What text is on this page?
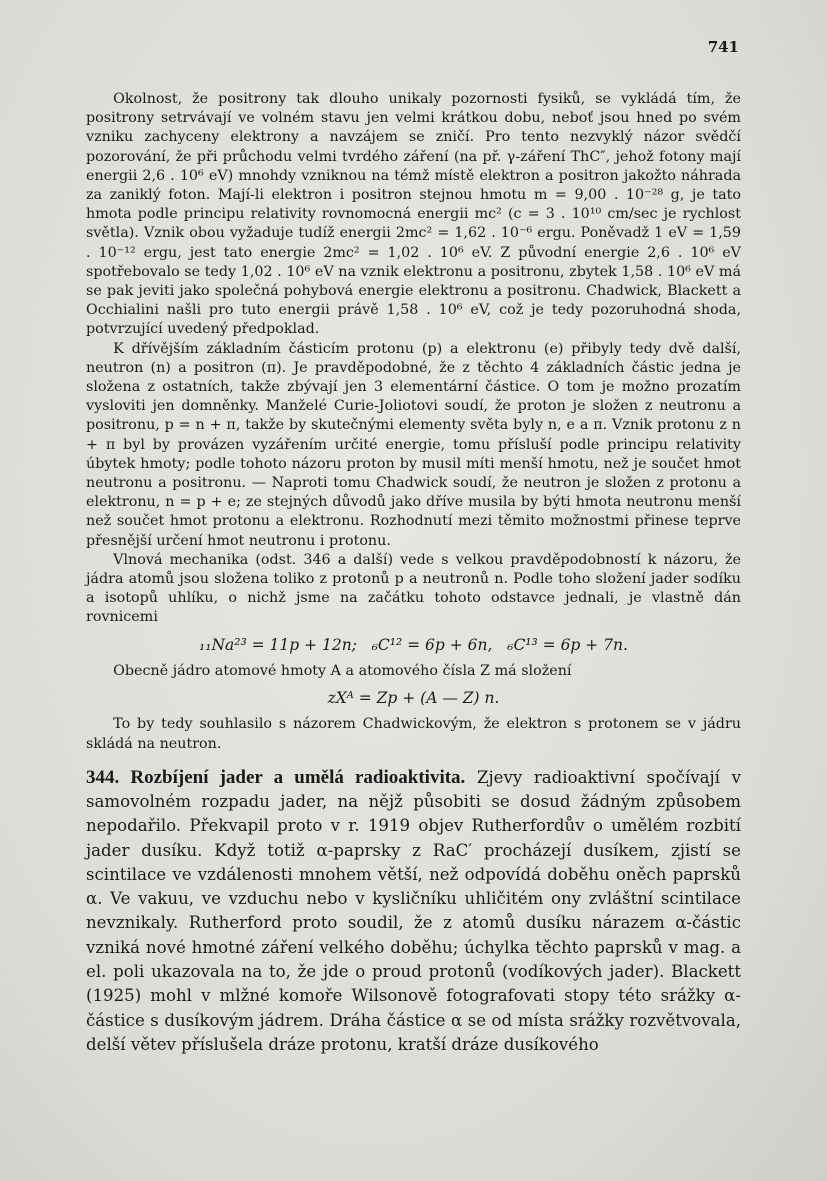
741

Okolnost, že positrony tak dlouho unikaly pozornosti fysiků, se vykládá tím, že positrony setrvávají ve volném stavu jen velmi krátkou dobu, neboť jsou hned po svém vzniku zachyceny elektrony a navzájem se zničí. Pro tento nezvyklý názor svědčí pozorování, že při průchodu velmi tvrdého záření (na př. γ-záření ThC″, jehož fotony mají energii 2,6 . 10⁶ eV) mnohdy vzniknou na témž místě elektron a positron jakožto náhrada za zaniklý foton. Mají-li elektron i positron stejnou hmotu m = 9,00 . 10⁻²⁸ g, je tato hmota podle principu relativity rovnomocná energii mc² (c = 3 . 10¹⁰ cm/sec je rychlost světla). Vznik obou vyžaduje tudíž energii 2mc² = 1,62 . 10⁻⁶ ergu. Poněvadž 1 eV = 1,59 . 10⁻¹² ergu, jest tato energie 2mc² = 1,02 . 10⁶ eV. Z původní energie 2,6 . 10⁶ eV spotřebovalo se tedy 1,02 . 10⁶ eV na vznik elektronu a positronu, zbytek 1,58 . 10⁶ eV má se pak jeviti jako společná pohybová energie elektronu a positronu. Chadwick, Blackett a Occhialini našli pro tuto energii právě 1,58 . 10⁶ eV, což je tedy pozoruhodná shoda, potvrzující uvedený předpoklad.

K dřívějším základním částicím protonu (p) a elektronu (e) přibyly tedy dvě další, neutron (n) a positron (π). Je pravděpodobné, že z těchto 4 základních částic jedna je složena z ostatních, takže zbývají jen 3 elementární částice. O tom je možno prozatím vysloviti jen domněnky. Manželé Curie-Joliotovi soudí, že proton je složen z neutronu a positronu, p = n + π, takže by skutečnými elementy světa byly n, e a π. Vznik protonu z n + π byl by provázen vyzářením určité energie, tomu přísluší podle principu relativity úbytek hmoty; podle tohoto názoru proton by musil míti menší hmotu, než je součet hmot neutronu a positronu. — Naproti tomu Chadwick soudí, že neutron je složen z protonu a elektronu, n = p + e; ze stejných důvodů jako dříve musila by býti hmota neutronu menší než součet hmot protonu a elektronu. Rozhodnutí mezi těmito možnostmi přinese teprve přesnější určení hmot neutronu i protonu.

Vlnová mechanika (odst. 346 a další) vede s velkou pravděpodobností k názoru, že jádra atomů jsou složena toliko z protonů p a neutronů n. Podle toho složení jader sodíku a isotopů uhlíku, o nichž jsme na začátku tohoto odstavce jednali, je vlastně dán rovnicemi

₁₁Na²³ = 11p + 12n;   ₆C¹² = 6p + 6n,   ₆C¹³ = 6p + 7n.

Obecně jádro atomové hmoty A a atomového čísla Z má složení

zXᴬ = Zp + (A — Z) n.

To by tedy souhlasilo s názorem Chadwickovým, že elektron s protonem se v jádru skládá na neutron.

344. Rozbíjení jader a umělá radioaktivita. Zjevy radioaktivní spočívají v samovolném rozpadu jader, na nějž působiti se dosud žádným způsobem nepodařilo. Překvapil proto v r. 1919 objev Rutherfordův o umělém rozbití jader dusíku. Když totiž α-paprsky z RaC′ procházejí dusíkem, zjistí se scintilace ve vzdálenosti mnohem větší, než odpovídá doběhu oněch paprsků α. Ve vakuu, ve vzduchu nebo v kysličníku uhličitém ony zvláštní scintilace nevznikaly. Rutherford proto soudil, že z atomů dusíku nárazem α-částic vzniká nové hmotné záření velkého doběhu; úchylka těchto paprsků v mag. a el. poli ukazovala na to, že jde o proud protonů (vodíkových jader). Blackett (1925) mohl v mlžné komoře Wilsonově fotografovati stopy této srážky α-částice s dusíkovým jádrem. Dráha částice α se od místa srážky rozvětvovala, delší větev příslušela dráze protonu, kratší dráze dusíkového
